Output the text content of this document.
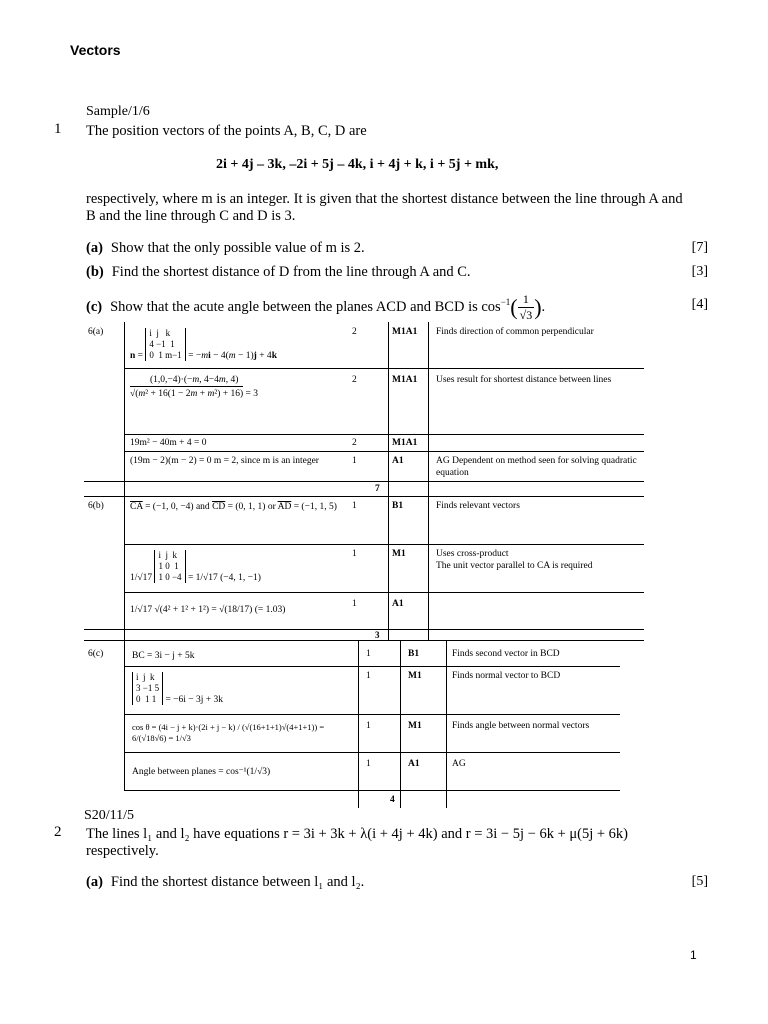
Vectors
Sample/1/6
1 The position vectors of the points A, B, C, D are
2i + 4j – 3k, –2i + 5j – 4k, i + 4j + k, i + 5j + mk,
respectively, where m is an integer. It is given that the shortest distance between the line through A and
B and the line through C and D is 3.
(a) Show that the only possible value of m is 2.	[7]
(b) Find the shortest distance of D from the line through A and C.	[3]
(c) Show that the acute angle between the planes ACD and BCD is $\cos^{-1}( \frac{1}{√3}$ ).	[4]
6(a)
n = i  j   k
4 −1  1
0  1 m−1 = −mi − 4(m − 1)j + 4k
2	M1A1 Finds direction of common perpendicular
(1,0,−4)·(−m, 4−4m, 4)
√(m² + 16(1 − 2m + m²) + 16) = 3
2	M1A1 Uses result for shortest distance between lines
19m² − 40m + 4 = 0	2	M1A1
(19m − 2)(m − 2) = 0 m = 2, since m is an integer	1	A1	AG Dependent on method seen for solving quadratic equation
7
6(b)	$\overline{CA} = (-1$, 0, −4) and $\overline{CD} = (0$, 1, 1) or $\overline{AD} = (-1$, 1, 5)	1	B1	Finds relevant vectors
1/√17 i  j  k
1 0  1
1 0 −4 = 1/√17 (−4, 1, −1)
1	M1	Uses cross-product
The unit vector parallel to CA is required
1/√17 √(4² + 1² + 1²) = √(18/17) (= 1.03)
1	A1
3
6(c)	BC = 3i − j + 5k	1	B1	Finds second vector in BCD
i  j  k
3 −1 5
0  1 1 = −6i − 3j + 3k
1	M1	Finds normal vector to BCD
cos θ = (4i − j + k)·(2i + j − k) / (√(16+1+1)√(4+1+1)) = 6/(√18√6) = 1/√3
1	M1	Finds angle between normal vectors
Angle between planes = cos⁻¹(1/√3)
1	A1	AG
4
S20/11/5
2 The lines l₁ and l₂ have equations r = 3i + 3k + λ(i + 4j + 4k) and r = 3i − 5j − 6k + μ(5j + 6k)
respectively.
(a) Find the shortest distance between l₁ and l₂.	[5]
1
